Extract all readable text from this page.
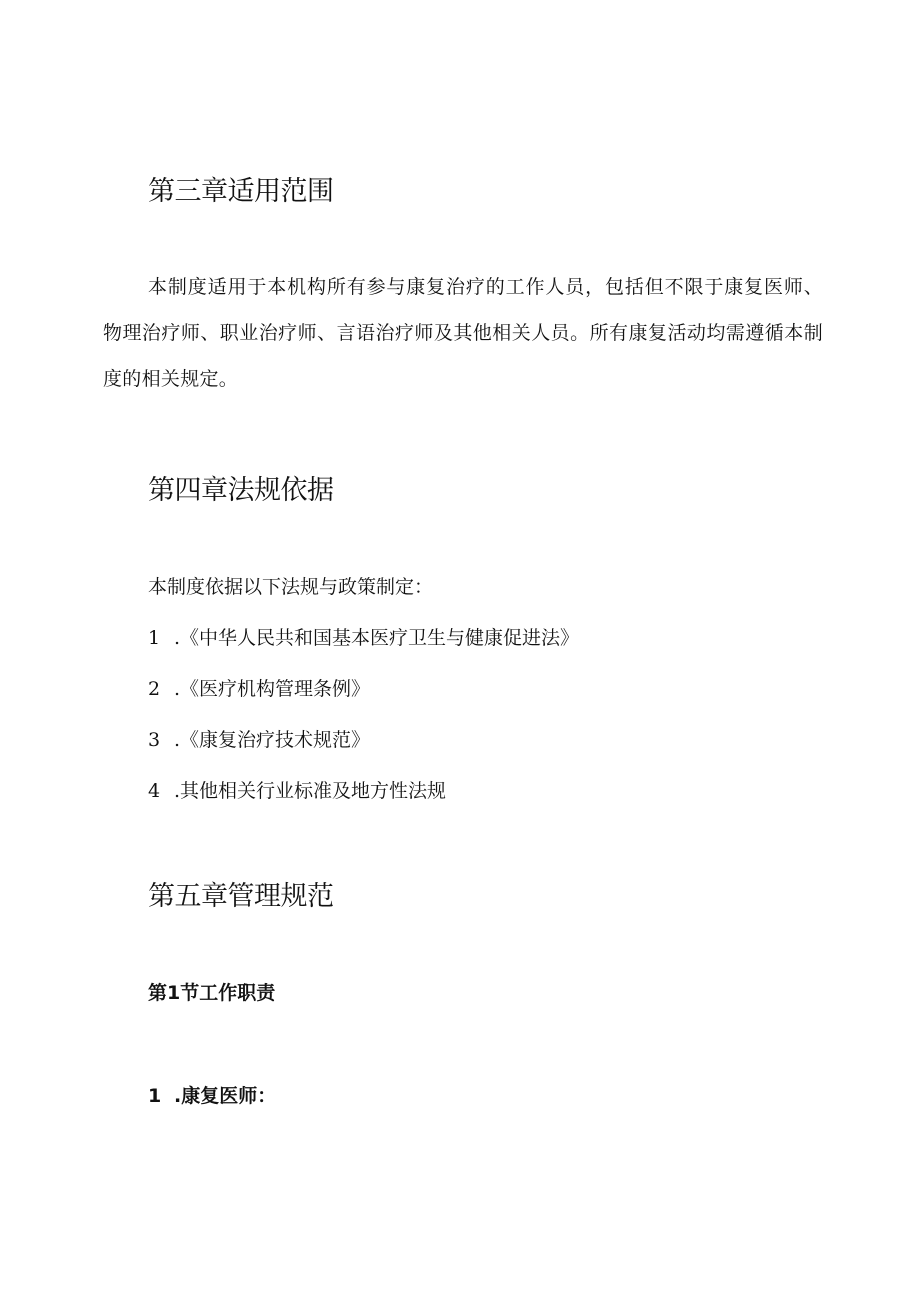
第三章适用范围
本制度适用于本机构所有参与康复治疗的工作人员，包括但不限于康复医师、物理治疗师、职业治疗师、言语治疗师及其他相关人员。所有康复活动均需遵循本制度的相关规定。
第四章法规依据
本制度依据以下法规与政策制定：
1 .《中华人民共和国基本医疗卫生与健康促进法》
2 .《医疗机构管理条例》
3 .《康复治疗技术规范》
4 .其他相关行业标准及地方性法规
第五章管理规范
第1节工作职责
1 .康复医师：
